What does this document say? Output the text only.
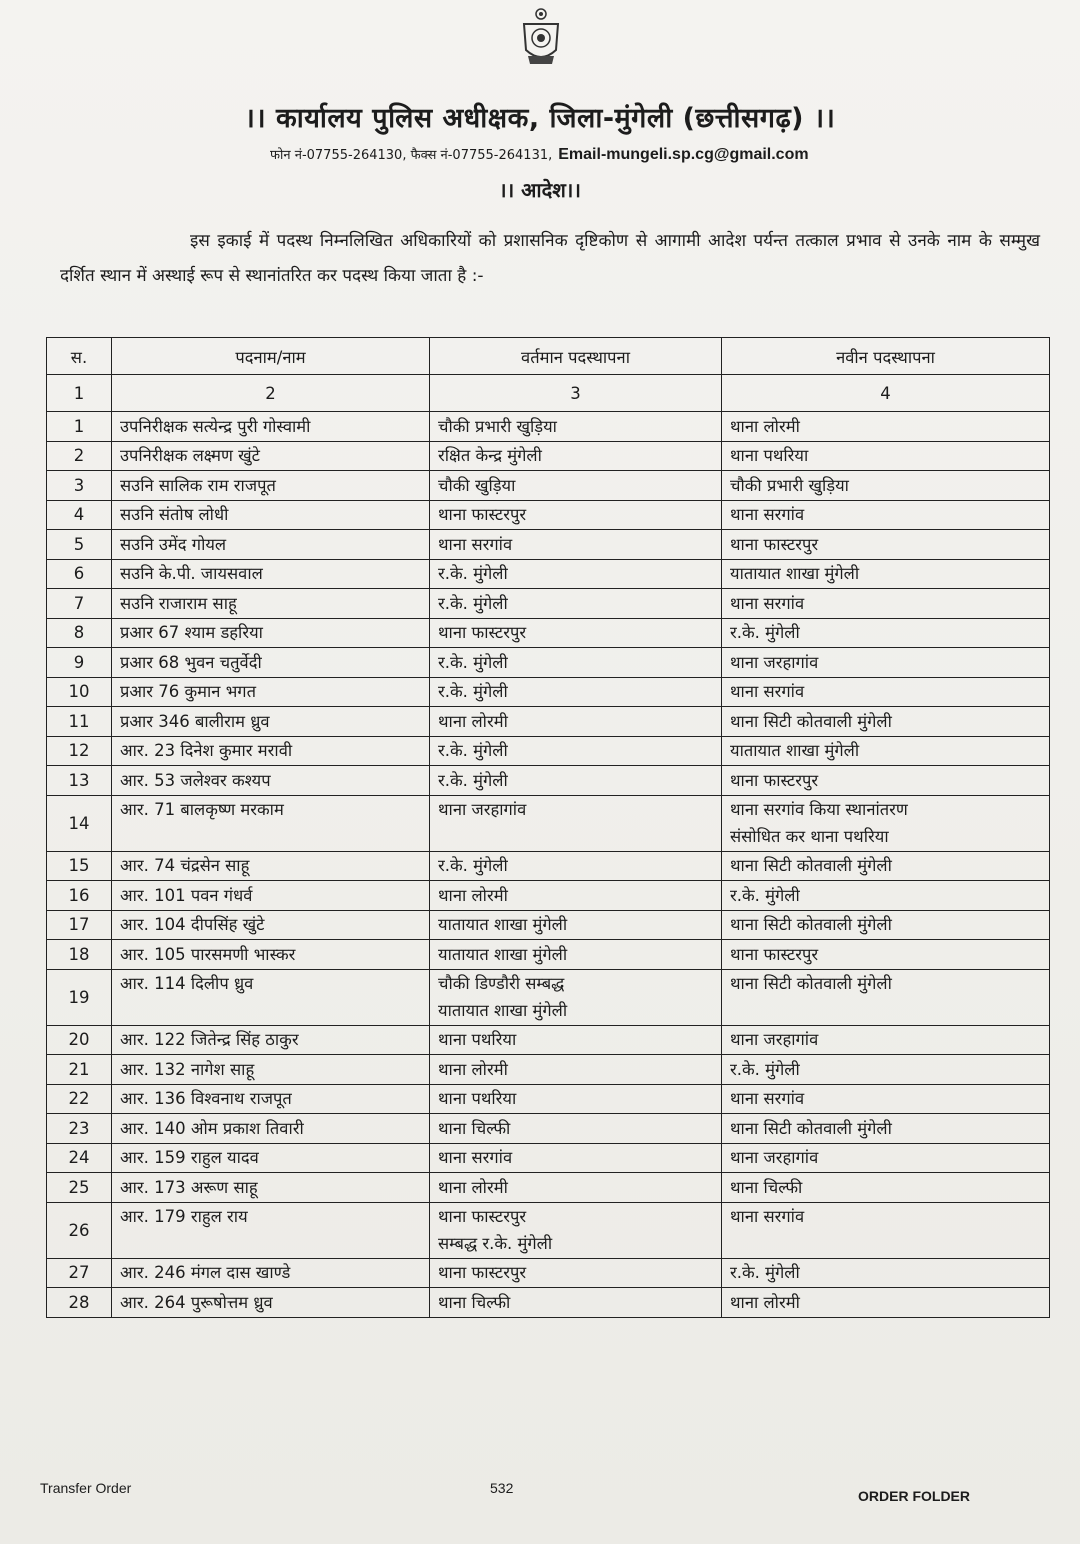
।। कार्यालय पुलिस अधीक्षक, जिला-मुंगेली (छत्तीसगढ़) ।।
फोन नं-07755-264130, फैक्स नं-07755-264131, Email-mungeli.sp.cg@gmail.com
।। आदेश।।
इस इकाई में पदस्थ निम्नलिखित अधिकारियों को प्रशासनिक दृष्टिकोण से आगामी आदेश पर्यन्त तत्काल प्रभाव से उनके नाम के सम्मुख दर्शित स्थान में अस्थाई रूप से स्थानांतरित कर पदस्थ किया जाता है :-
स.	पदनाम/नाम	वर्तमान पदस्थापना	नवीन पदस्थापना
1	2	3	4
1	उपनिरीक्षक सत्येन्द्र पुरी गोस्वामी	चौकी प्रभारी खुड़िया	थाना लोरमी

2	उपनिरीक्षक लक्ष्मण खुंटे	रक्षित केन्द्र मुंगेली	थाना पथरिया

3	सउनि सालिक राम राजपूत	चौकी खुड़िया	चौकी प्रभारी खुड़िया

4	सउनि संतोष लोधी	थाना फास्टरपुर	थाना सरगांव

5	सउनि उमेंद गोयल	थाना सरगांव	थाना फास्टरपुर

6	सउनि के.पी. जायसवाल	र.के. मुंगेली	यातायात शाखा मुंगेली

7	सउनि राजाराम साहू	र.के. मुंगेली	थाना सरगांव

8	प्रआर 67 श्याम डहरिया	थाना फास्टरपुर	र.के. मुंगेली

9	प्रआर 68 भुवन चतुर्वेदी	र.के. मुंगेली	थाना जरहागांव

10	प्रआर 76 कुमान भगत	र.के. मुंगेली	थाना सरगांव

11	प्रआर 346 बालीराम ध्रुव	थाना लोरमी	थाना सिटी कोतवाली मुंगेली

12	आर. 23 दिनेश कुमार मरावी	र.के. मुंगेली	यातायात शाखा मुंगेली

13	आर. 53 जलेश्वर कश्यप	र.के. मुंगेली	थाना फास्टरपुर

14	आर. 71 बालकृष्ण मरकाम	थाना जरहागांव	थाना सरगांव किया स्थानांतरण
संसोधित कर थाना पथरिया

15	आर. 74 चंद्रसेन साहू	र.के. मुंगेली	थाना सिटी कोतवाली मुंगेली

16	आर. 101 पवन गंधर्व	थाना लोरमी	र.के. मुंगेली

17	आर. 104 दीपसिंह खुंटे	यातायात शाखा मुंगेली	थाना सिटी कोतवाली मुंगेली

18	आर. 105 पारसमणी भास्कर	यातायात शाखा मुंगेली	थाना फास्टरपुर

19	आर. 114 दिलीप ध्रुव	चौकी डिण्डौरी सम्बद्ध
यातायात शाखा मुंगेली	थाना सिटी कोतवाली मुंगेली

20	आर. 122 जितेन्द्र सिंह ठाकुर	थाना पथरिया	थाना जरहागांव

21	आर. 132 नागेश साहू	थाना लोरमी	र.के. मुंगेली

22	आर. 136 विश्वनाथ राजपूत	थाना पथरिया	थाना सरगांव

23	आर. 140 ओम प्रकाश तिवारी	थाना चिल्फी	थाना सिटी कोतवाली मुंगेली

24	आर. 159 राहुल यादव	थाना सरगांव	थाना जरहागांव

25	आर. 173 अरूण साहू	थाना लोरमी	थाना चिल्फी

26	आर. 179 राहुल राय	थाना फास्टरपुर
सम्बद्ध र.के. मुंगेली	थाना सरगांव

27	आर. 246 मंगल दास खाण्डे	थाना फास्टरपुर	र.के. मुंगेली

28	आर. 264 पुरूषोत्तम ध्रुव	थाना चिल्फी	थाना लोरमी
Transfer Order	532	ORDER FOLDER
